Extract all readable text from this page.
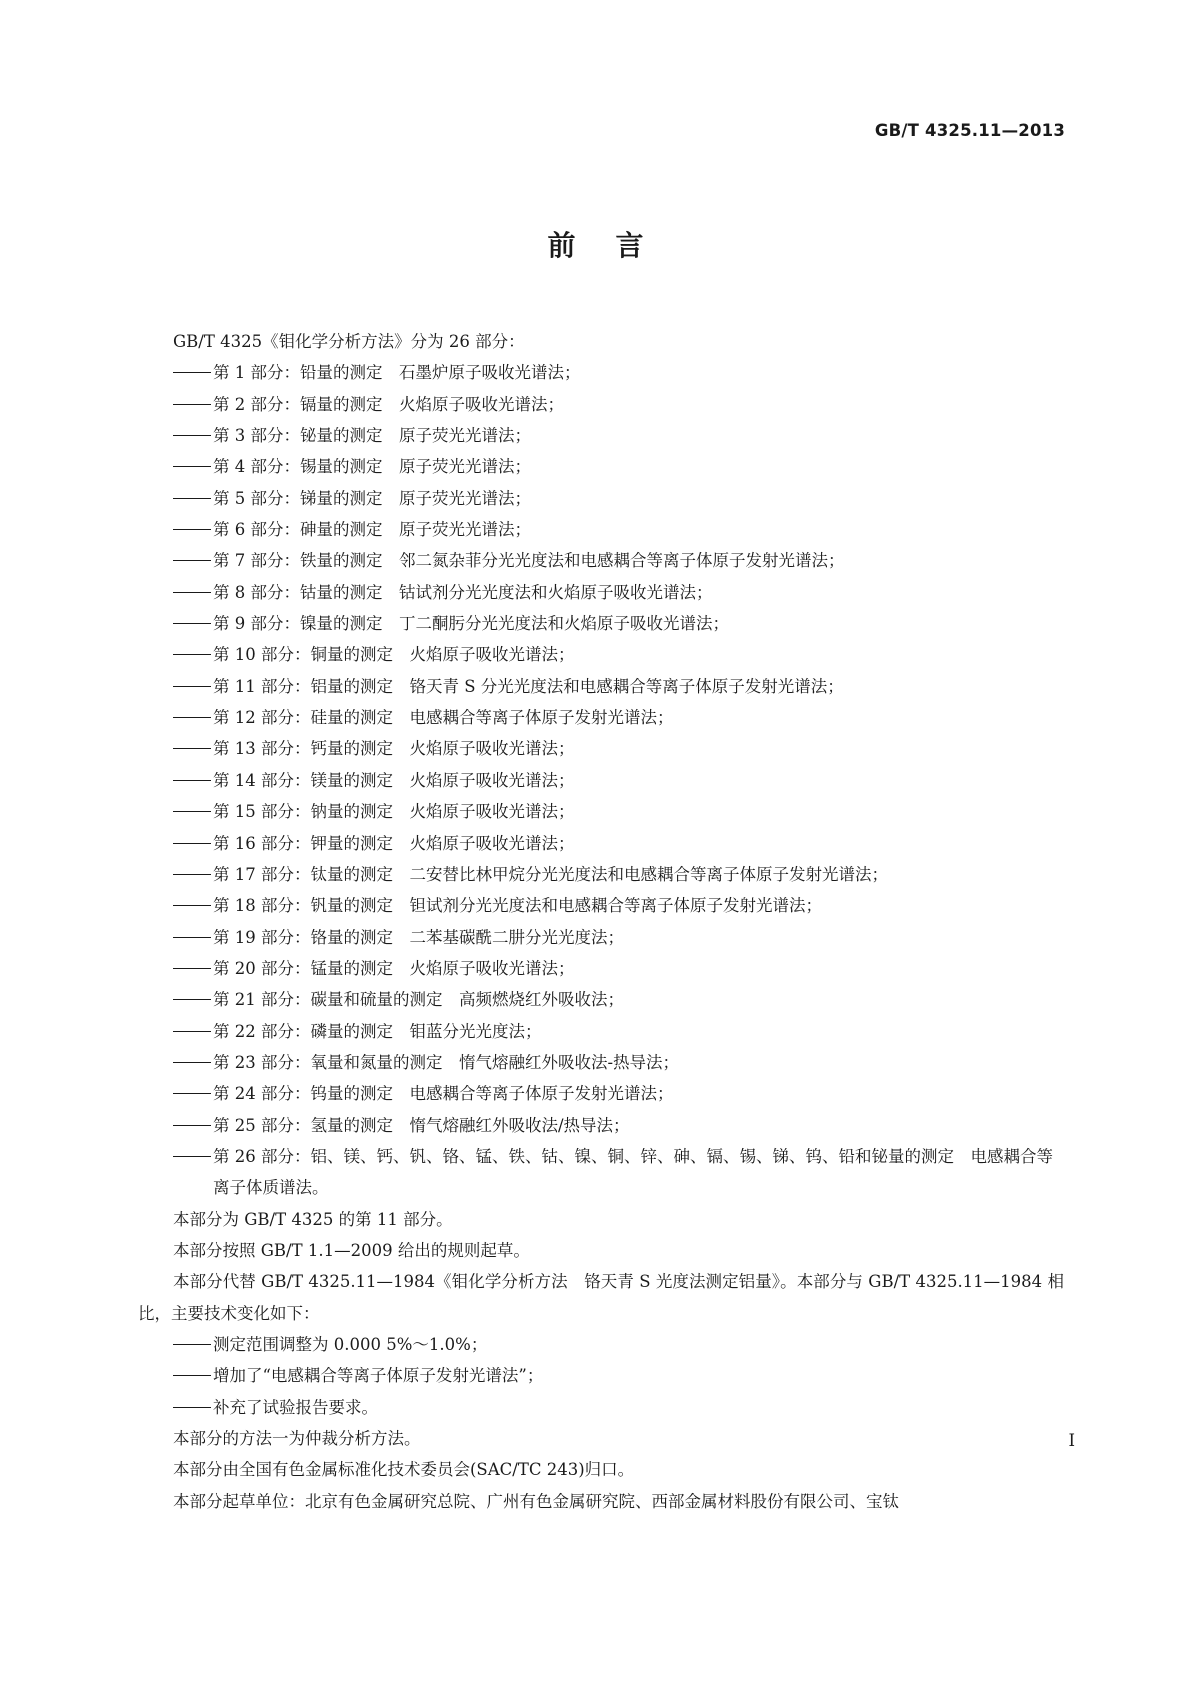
GB/T 4325.11—2013
前言

GB/T 4325《钼化学分析方法》分为 26 部分：

第 1 部分：铅量的测定　石墨炉原子吸收光谱法；
第 2 部分：镉量的测定　火焰原子吸收光谱法；
第 3 部分：铋量的测定　原子荧光光谱法；
第 4 部分：锡量的测定　原子荧光光谱法；
第 5 部分：锑量的测定　原子荧光光谱法；
第 6 部分：砷量的测定　原子荧光光谱法；
第 7 部分：铁量的测定　邻二氮杂菲分光光度法和电感耦合等离子体原子发射光谱法；
第 8 部分：钴量的测定　钴试剂分光光度法和火焰原子吸收光谱法；
第 9 部分：镍量的测定　丁二酮肟分光光度法和火焰原子吸收光谱法；
第 10 部分：铜量的测定　火焰原子吸收光谱法；
第 11 部分：铝量的测定　铬天青 S 分光光度法和电感耦合等离子体原子发射光谱法；
第 12 部分：硅量的测定　电感耦合等离子体原子发射光谱法；
第 13 部分：钙量的测定　火焰原子吸收光谱法；
第 14 部分：镁量的测定　火焰原子吸收光谱法；
第 15 部分：钠量的测定　火焰原子吸收光谱法；
第 16 部分：钾量的测定　火焰原子吸收光谱法；
第 17 部分：钛量的测定　二安替比林甲烷分光光度法和电感耦合等离子体原子发射光谱法；
第 18 部分：钒量的测定　钽试剂分光光度法和电感耦合等离子体原子发射光谱法；
第 19 部分：铬量的测定　二苯基碳酰二肼分光光度法；
第 20 部分：锰量的测定　火焰原子吸收光谱法；
第 21 部分：碳量和硫量的测定　高频燃烧红外吸收法；
第 22 部分：磷量的测定　钼蓝分光光度法；
第 23 部分：氧量和氮量的测定　惰气熔融红外吸收法-热导法；
第 24 部分：钨量的测定　电感耦合等离子体原子发射光谱法；
第 25 部分：氢量的测定　惰气熔融红外吸收法/热导法；
第 26 部分：铝、镁、钙、钒、铬、锰、铁、钴、镍、铜、锌、砷、镉、锡、锑、钨、铅和铋量的测定　电感耦合等离子体质谱法。

本部分为 GB/T 4325 的第 11 部分。

本部分按照 GB/T 1.1—2009 给出的规则起草。

本部分代替 GB/T 4325.11—1984《钼化学分析方法　铬天青 S 光度法测定铝量》。本部分与 GB/T 4325.11—1984 相比，主要技术变化如下：

测定范围调整为 0.000 5%～1.0%；
增加了“电感耦合等离子体原子发射光谱法”；
补充了试验报告要求。

本部分的方法一为仲裁分析方法。

本部分由全国有色金属标准化技术委员会(SAC/TC 243)归口。

本部分起草单位：北京有色金属研究总院、广州有色金属研究院、西部金属材料股份有限公司、宝钛

I
